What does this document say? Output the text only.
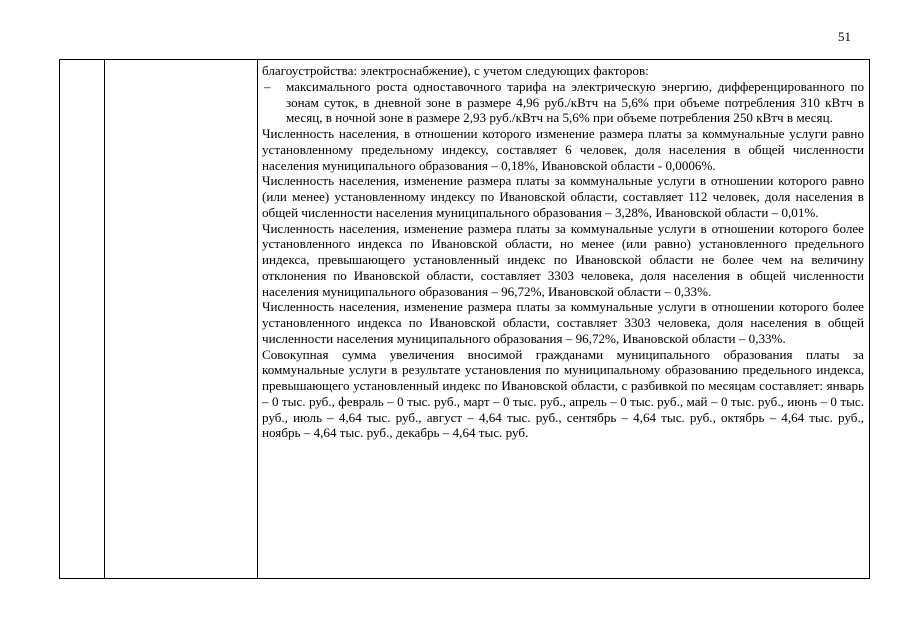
51

благоустройства: электроснабжение), с учетом следующих факторов:

– максимального роста одноставочного тарифа на электрическую энергию, дифференцированного по зонам суток, в дневной зоне в размере 4,96 руб./кВтч на 5,6% при объеме потребления 310 кВтч в месяц, в ночной зоне в размере 2,93 руб./кВтч на 5,6% при объеме потребления 250 кВтч в месяц.

Численность населения, в отношении которого изменение размера платы за коммунальные услуги равно установленному предельному индексу, составляет 6 человек, доля населения в общей численности населения муниципального образования – 0,18%, Ивановской области - 0,0006%.

Численность населения, изменение размера платы за коммунальные услуги в отношении которого равно (или менее) установленному индексу по Ивановской области, составляет 112 человек, доля населения в общей численности населения муниципального образования – 3,28%, Ивановской области – 0,01%.

Численность населения, изменение размера платы за коммунальные услуги в отношении которого более установленного индекса по Ивановской области, но менее (или равно) установленного предельного индекса, превышающего установленный индекс по Ивановской области не более чем на величину отклонения по Ивановской области, составляет 3303 человека, доля населения в общей численности населения муниципального образования – 96,72%, Ивановской области – 0,33%.

Численность населения, изменение размера платы за коммунальные услуги в отношении которого более установленного индекса по Ивановской области, составляет 3303 человека, доля населения в общей численности населения муниципального образования – 96,72%, Ивановской области – 0,33%.

Совокупная сумма увеличения вносимой гражданами муниципального образования платы за коммунальные услуги в результате установления по муниципальному образованию предельного индекса, превышающего установленный индекс по Ивановской области, с разбивкой по месяцам составляет: январь – 0 тыс. руб., февраль – 0 тыс. руб., март – 0 тыс. руб., апрель – 0 тыс. руб., май – 0 тыс. руб., июнь – 0 тыс. руб., июль – 4,64 тыс. руб., август – 4,64 тыс. руб., сентябрь – 4,64 тыс. руб., октябрь – 4,64 тыс. руб., ноябрь – 4,64 тыс. руб., декабрь – 4,64 тыс. руб.
